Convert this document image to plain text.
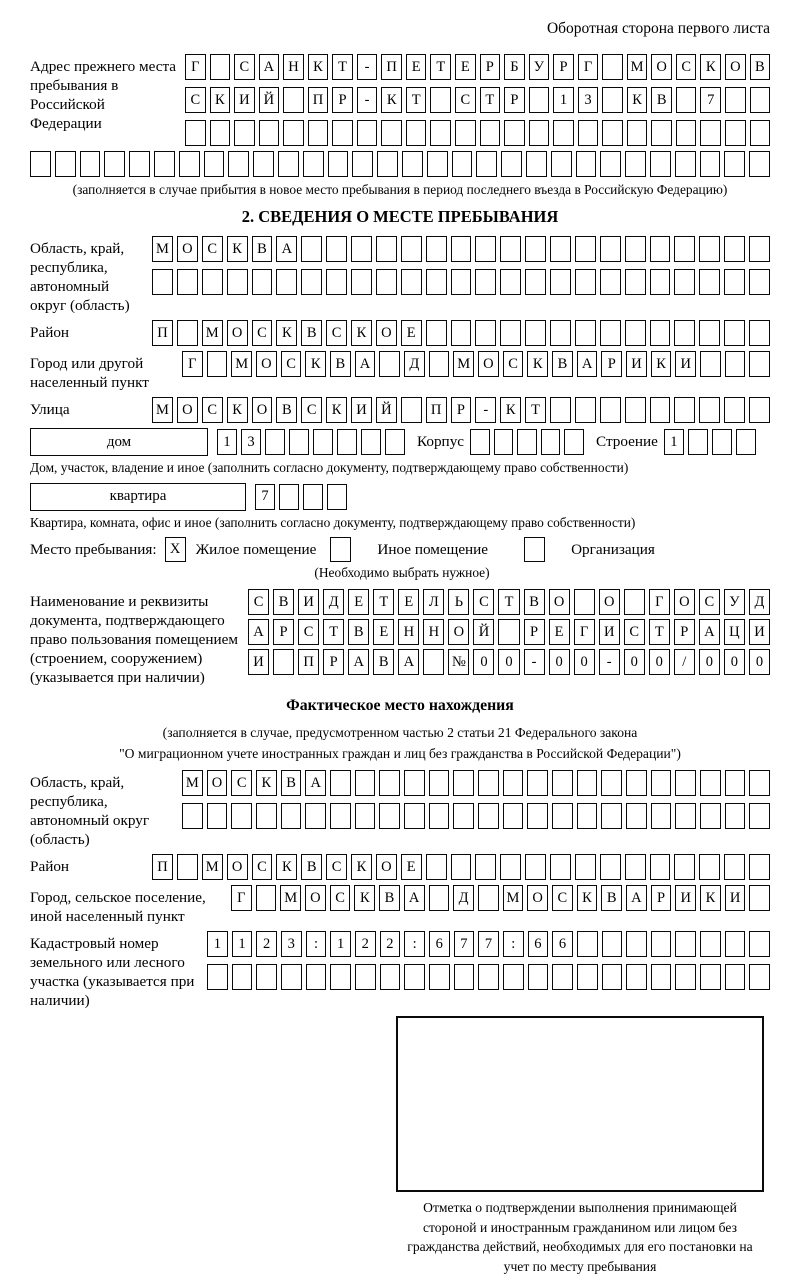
Оборотная сторона первого листа
Адрес прежнего места пребывания в Российской Федерации
Г	С А Н К	Т	-	П	Е	Т	Е	Р	Б	У	Р	Г	М О С	К О В
С	К И Й	П	Р	-	К	Т	С	Т	Р	1	3	К	В	7
(заполняется в случае прибытия в новое место пребывания в период последнего въезда в Российскую Федерацию)
2. СВЕДЕНИЯ О МЕСТЕ ПРЕБЫВАНИЯ
Область, край, республика, автономный округ (область)
М О	С	К	В	А
Район	П	М О	С	К	В	С	К	О	Е
Город или другой населенный пункт
Г	М О	С	К	В	А	Д	М О	С	К	В	А	Р	И	К	И
Улица	М О	С	К	О	В	С	К	И Й	П	Р	-	К	Т
дом	1	3	Корпус	Строение 1
Дом, участок, владение и иное (заполнить согласно документу, подтверждающему право собственности)
квартира	7
Квартира, комната, офис и иное (заполнить согласно документу, подтверждающему право собственности)
Место пребывания: X	Жилое помещение	Иное помещение	Организация
(Необходимо выбрать нужное)
Наименование и реквизиты документа, подтверждающего право пользования помещением (строением, сооружением) (указывается при наличии)
С	В	И	Д	Е	Т	Е	Л	Ь	С	Т	В	О	О	Г	О	С	У	Д
А	Р	С	Т	В	Е	Н	Н	О	Й	Р	Е	Г	И	С	Т	Р	А	Ц	И
И	П	Р	А	В	А	№	0	0	-	0	0	-	0	0	/	0	0	0
Фактическое место нахождения
(заполняется в случае, предусмотренном частью 2 статьи 21 Федерального закона
"О миграционном учете иностранных граждан и лиц без гражданства в Российской Федерации")
Область, край, республика, автономный округ (область)
М О	С	К	В	А
Район	П	М О	С	К	В	С	К	О	Е
Город, сельское поселение, иной населенный пункт
Г	М О	С	К	В	А	Д	М О	С	К	В	А	Р	И	К	И
Кадастровый номер земельного или лесного участка (указывается при наличии)
1	1	2	3	:	1	2	2	:	6	7	7	:	6	6
Отметка о подтверждении выполнения принимающей стороной и иностранным гражданином или лицом без гражданства действий, необходимых для его постановки на учет по месту пребывания
